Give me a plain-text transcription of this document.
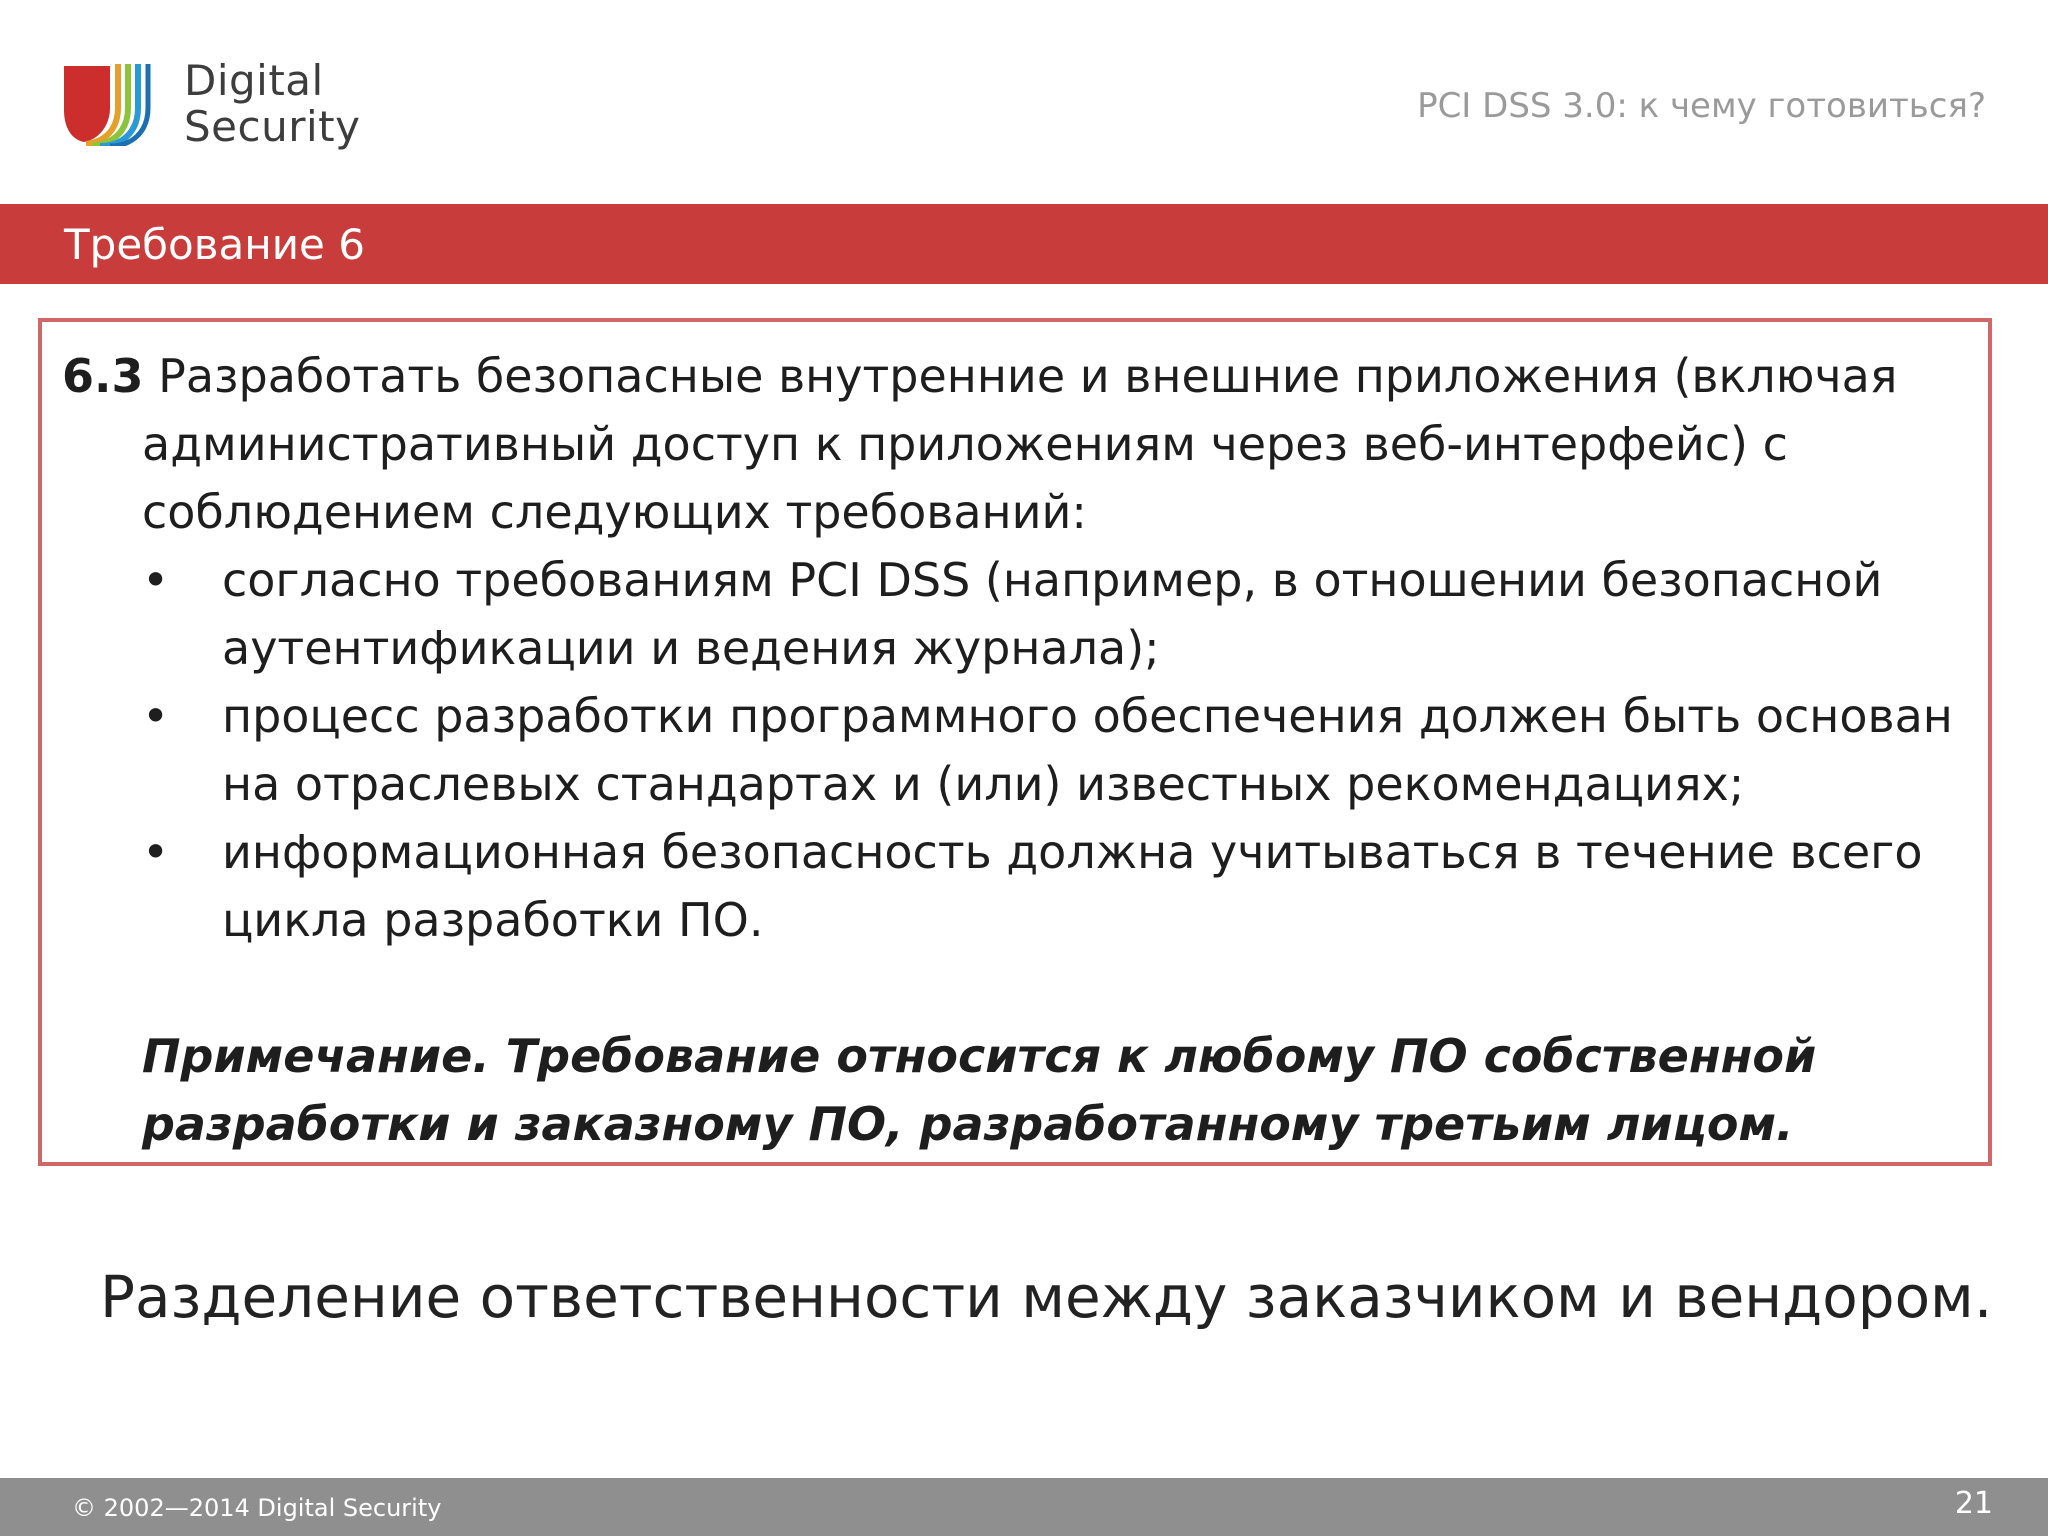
Digital
Security	PCI DSS 3.0: к чему готовиться?
Требование 6
6.3 Разработать безопасные внутренние и внешние приложения (включая административный доступ к приложениям через веб-интерфейс) с соблюдением следующих требований:
• согласно требованиям PCI DSS (например, в отношении безопасной аутентификации и ведения журнала);
• процесс разработки программного обеспечения должен быть основан на отраслевых стандартах и (или) известных рекомендациях;
• информационная безопасность должна учитываться в течение всего цикла разработки ПО.
Примечание. Требование относится к любому ПО собственной разработки и заказному ПО, разработанному третьим лицом.
Разделение ответственности между заказчиком и вендором.
© 2002—2014 Digital Security	21
